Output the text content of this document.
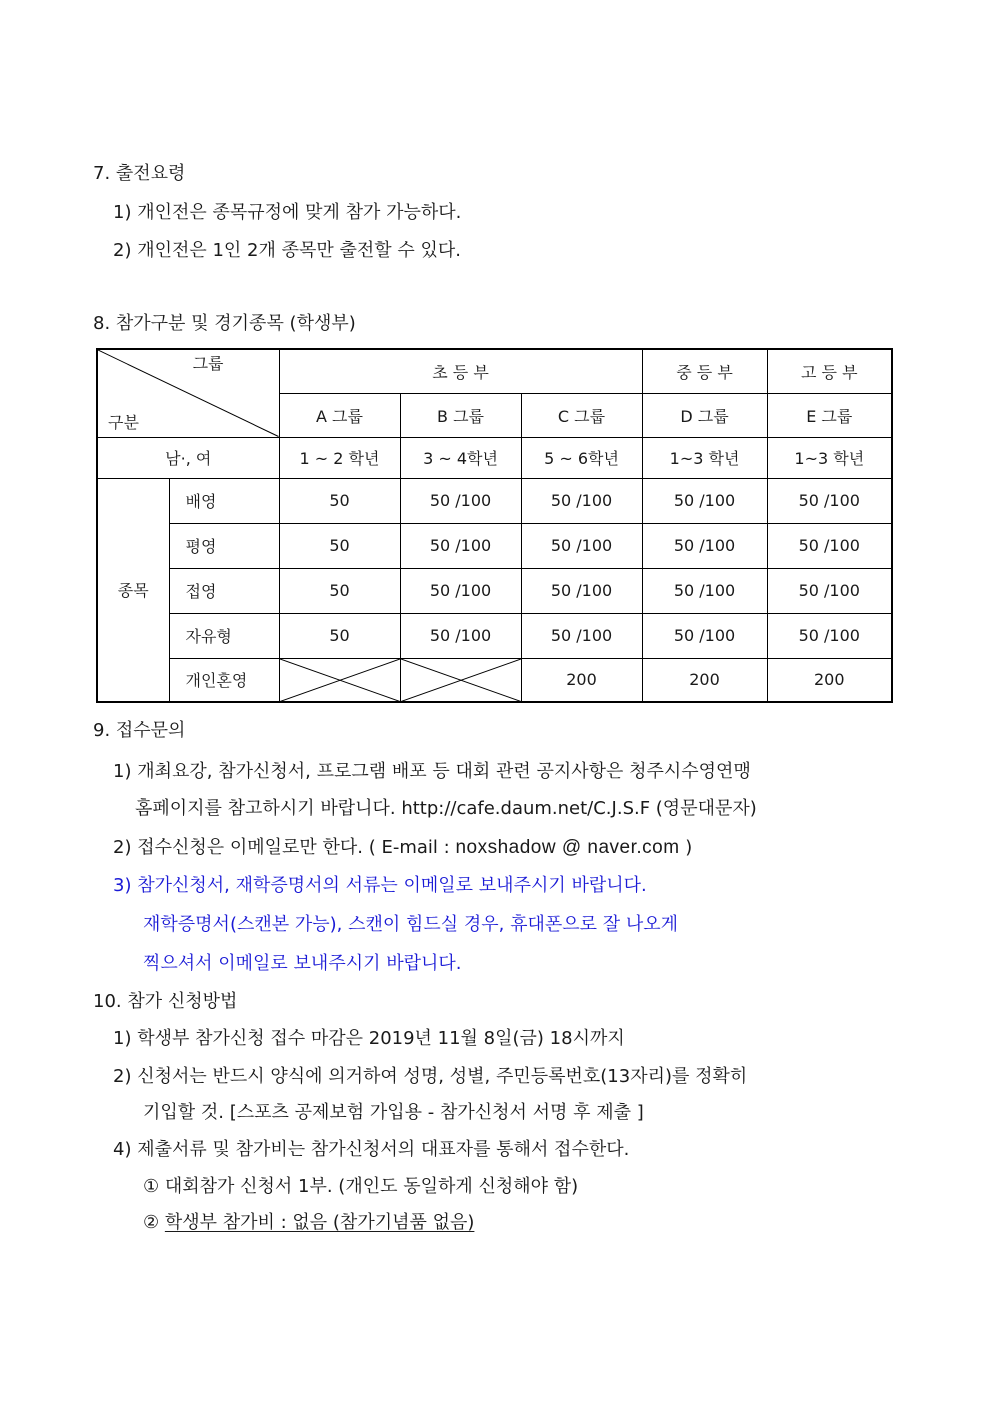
7. 출전요령
1) 개인전은 종목규정에 맞게 참가 가능하다.
2) 개인전은 1인 2개 종목만 출전할 수 있다.
8. 참가구분 및 경기종목 (학생부)
그룹
구분		초 등 부			중 등 부	고 등 부
		A 그룹	B 그룹	C 그룹	D 그룹	E 그룹
남·, 여		1 ~ 2 학년	3 ~ 4학년	5 ~ 6학년	1~3 학년	1~3 학년
종목	배영	50	50 /100	50 /100	50 /100	50 /100
	평영	50	50 /100	50 /100	50 /100	50 /100
	접영	50	50 /100	50 /100	50 /100	50 /100
	자유형	50	50 /100	50 /100	50 /100	50 /100
	개인혼영			200	200	200
9. 접수문의
1) 개최요강, 참가신청서, 프로그램 배포 등 대회 관련 공지사항은 청주시수영연맹
홈페이지를 참고하시기 바랍니다. http://cafe.daum.net/C.J.S.F (영문대문자)
2) 접수신청은 이메일로만 한다. ( E-mail : noxshadow @ naver.com )
3) 참가신청서, 재학증명서의 서류는 이메일로 보내주시기 바랍니다.
재학증명서(스캔본 가능), 스캔이 힘드실 경우, 휴대폰으로 잘 나오게
찍으셔서 이메일로 보내주시기 바랍니다.
10. 참가 신청방법
1) 학생부 참가신청 접수 마감은 2019년 11월 8일(금) 18시까지
2) 신청서는 반드시 양식에 의거하여 성명, 성별, 주민등록번호(13자리)를 정확히
기입할 것. [스포츠 공제보험 가입용 - 참가신청서 서명 후 제출 ]
4) 제출서류 및 참가비는 참가신청서의 대표자를 통해서 접수한다.
① 대회참가 신청서 1부. (개인도 동일하게 신청해야 함)
② 학생부 참가비 : 없음 (참가기념품 없음)
